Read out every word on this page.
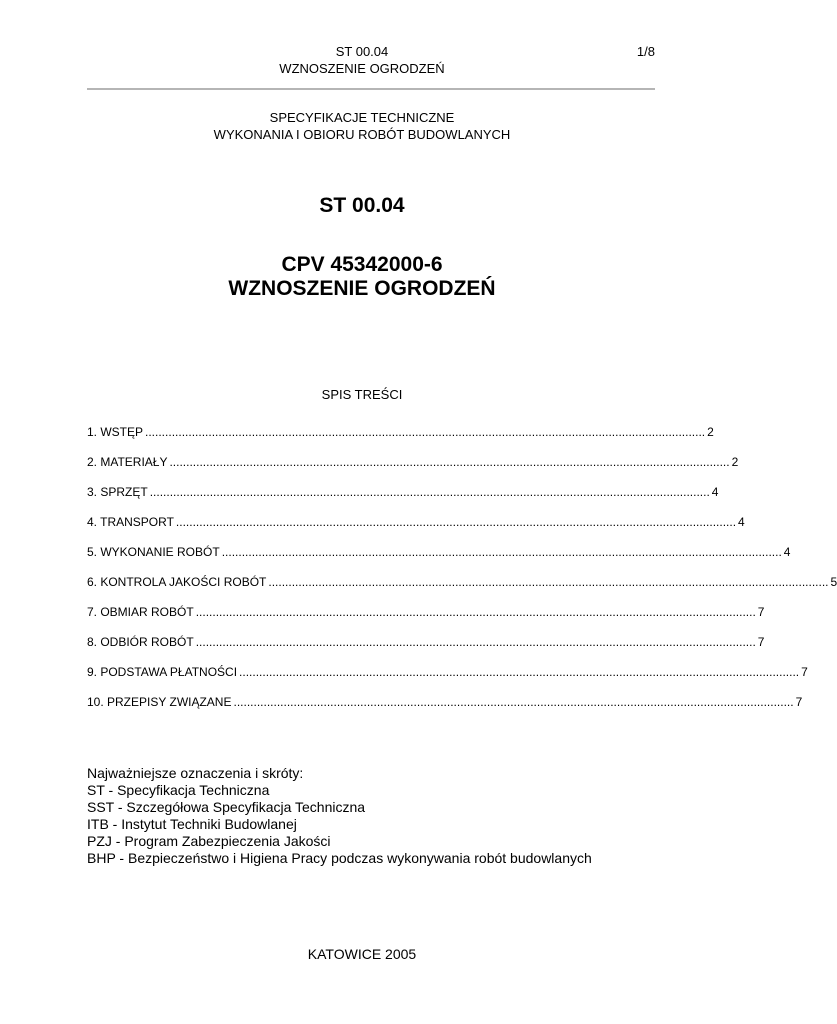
ST 00.04	1/8
WZNOSZENIE OGRODZEŃ
SPECYFIKACJE TECHNICZNE
WYKONANIA I OBIORU ROBÓT BUDOWLANYCH
ST 00.04
CPV 45342000-6
WZNOSZENIE OGRODZEŃ
SPIS TREŚCI
1. WSTĘP ........................................................................................................................................................................ 2
2. MATERIAŁY ........................................................................................................................................................................ 2
3. SPRZĘT ........................................................................................................................................................................ 4
4. TRANSPORT ........................................................................................................................................................................ 4
5. WYKONANIE ROBÓT ........................................................................................................................................................................ 4
6. KONTROLA JAKOŚCI ROBÓT ........................................................................................................................................................................ 5
7. OBMIAR ROBÓT ........................................................................................................................................................................ 7
8. ODBIÓR ROBÓT ........................................................................................................................................................................ 7
9. PODSTAWA PŁATNOŚCI ........................................................................................................................................................................ 7
10. PRZEPISY ZWIĄZANE ........................................................................................................................................................................ 7
Najważniejsze oznaczenia i skróty:
ST - Specyfikacja Techniczna
SST - Szczegółowa Specyfikacja Techniczna
ITB - Instytut Techniki Budowlanej
PZJ - Program Zabezpieczenia Jakości
BHP - Bezpieczeństwo i Higiena Pracy podczas wykonywania robót budowlanych
KATOWICE 2005
